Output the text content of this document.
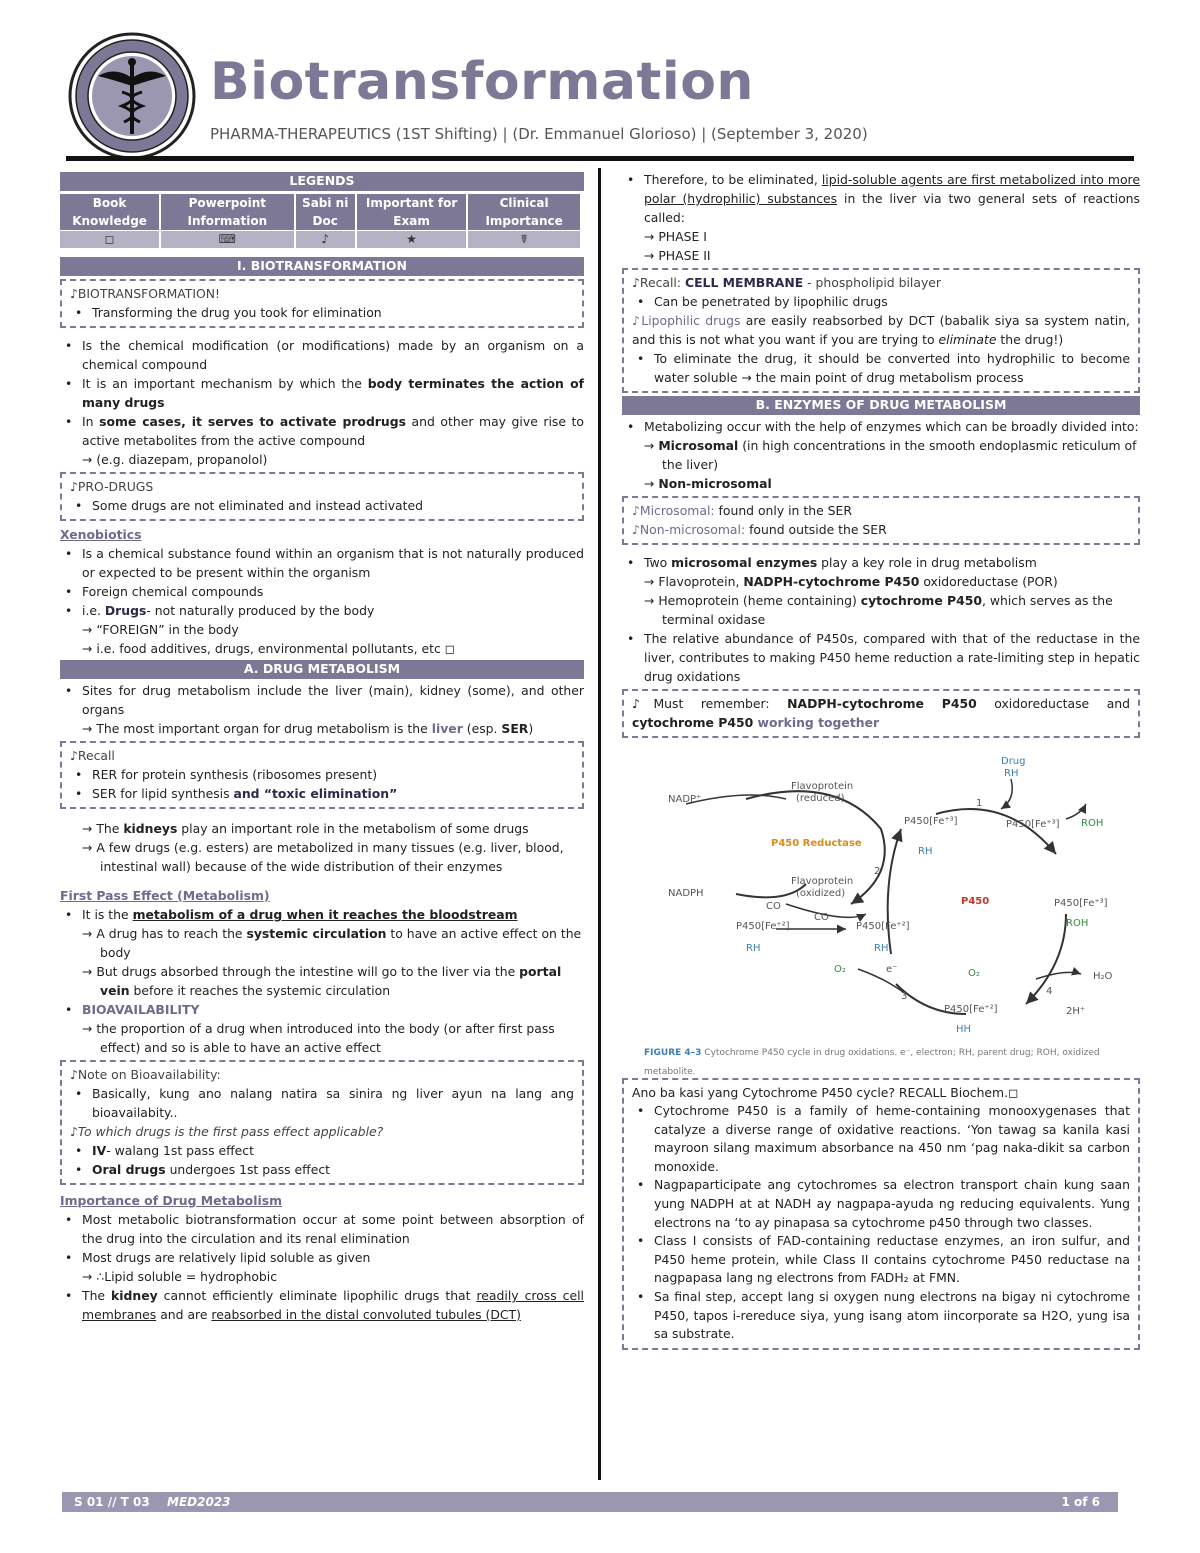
Biotransformation
PHARMA-THERAPEUTICS (1ST Shifting) | (Dr. Emmanuel Glorioso) | (September 3, 2020)
LEGENDS
Book Knowledge	Powerpoint Information	Sabi ni Doc	Important for Exam	Clinical Importance
◻	⌨	♪	★	☤
I. BIOTRANSFORMATION
♪BIOTRANSFORMATION!
• Transforming the drug you took for elimination
• Is the chemical modification (or modifications) made by an organism on a chemical compound
• It is an important mechanism by which the body terminates the action of many drugs
• In some cases, it serves to activate prodrugs and other may give rise to active metabolites from the active compound
→ (e.g. diazepam, propanolol)
♪PRO-DRUGS
• Some drugs are not eliminated and instead activated
Xenobiotics
• Is a chemical substance found within an organism that is not naturally produced or expected to be present within the organism
• Foreign chemical compounds
• i.e. Drugs- not naturally produced by the body
→ “FOREIGN” in the body
→ i.e. food additives, drugs, environmental pollutants, etc ◻
A. DRUG METABOLISM
• Sites for drug metabolism include the liver (main), kidney (some), and other organs
→ The most important organ for drug metabolism is the liver (esp. SER)
♪Recall
• RER for protein synthesis (ribosomes present)
• SER for lipid synthesis and “toxic elimination”
→ The kidneys play an important role in the metabolism of some drugs
→ A few drugs (e.g. esters) are metabolized in many tissues (e.g. liver, blood, intestinal wall) because of the wide distribution of their enzymes
First Pass Effect (Metabolism)
• It is the metabolism of a drug when it reaches the bloodstream
→ A drug has to reach the systemic circulation to have an active effect on the body
→ But drugs absorbed through the intestine will go to the liver via the portal vein before it reaches the systemic circulation
• BIOAVAILABILITY
→ the proportion of a drug when introduced into the body (or after first pass effect) and so is able to have an active effect
♪Note on Bioavailability:
• Basically, kung ano nalang natira sa sinira ng liver ayun na lang ang bioavailabity..
♪To which drugs is the first pass effect applicable?
• IV- walang 1st pass effect
• Oral drugs undergoes 1st pass effect
Importance of Drug Metabolism
• Most metabolic biotransformation occur at some point between absorption of the drug into the circulation and its renal elimination
• Most drugs are relatively lipid soluble as given
→ ∴Lipid soluble = hydrophobic
• The kidney cannot efficiently eliminate lipophilic drugs that readily cross cell membranes and are reabsorbed in the distal convoluted tubules (DCT)
• Therefore, to be eliminated, lipid-soluble agents are first metabolized into more polar (hydrophilic) substances in the liver via two general sets of reactions called:
→ PHASE I
→ PHASE II
♪Recall: CELL MEMBRANE - phospholipid bilayer
• Can be penetrated by lipophilic drugs
♪Lipophilic drugs are easily reabsorbed by DCT (babalik siya sa system natin, and this is not what you want if you are trying to eliminate the drug!)
• To eliminate the drug, it should be converted into hydrophilic to become water soluble → the main point of drug metabolism process
B. ENZYMES OF DRUG METABOLISM
• Metabolizing occur with the help of enzymes which can be broadly divided into:
→ Microsomal (in high concentrations in the smooth endoplasmic reticulum of the liver)
→ Non-microsomal
♪Microsomal: found only in the SER
♪Non-microsomal: found outside the SER
• Two microsomal enzymes play a key role in drug metabolism
→ Flavoprotein, NADPH-cytochrome P450 oxidoreductase (POR)
→ Hemoprotein (heme containing) cytochrome P450, which serves as the terminal oxidase
• The relative abundance of P450s, compared with that of the reductase in the liver, contributes to making P450 heme reduction a rate-limiting step in hepatic drug oxidations
♪Must remember: NADPH-cytochrome P450 oxidoreductase and cytochrome P450 working together
Drug
RH
NADP⁺
NADPH
Flavoprotein
(reduced)
Flavoprotein
(oxidized)
P450 Reductase
P450
P450[Fe⁺³]
RH
P450[Fe⁺³] ROH
P450[Fe⁺³]
ROH
CO
P450[Fe⁺²]
RH
CO
P450[Fe⁺²]
RH
O₂	e⁻	O₂
P450[Fe⁺²]
HH
H₂O
2H⁺
1
2
3	4
FIGURE 4–3 Cytochrome P450 cycle in drug oxidations. e⁻, electron; RH, parent drug; ROH, oxidized metabolite.
Ano ba kasi yang Cytochrome P450 cycle? RECALL Biochem.◻
• Cytochrome P450 is a family of heme-containing monooxygenases that catalyze a diverse range of oxidative reactions. ‘Yon tawag sa kanila kasi mayroon silang maximum absorbance na 450 nm ‘pag naka-dikit sa carbon monoxide.
• Nagpaparticipate ang cytochromes sa electron transport chain kung saan yung NADPH at at NADH ay nagpapa-ayuda ng reducing equivalents. Yung electrons na ‘to ay pinapasa sa cytochrome p450 through two classes.
• Class I consists of FAD-containing reductase enzymes, an iron sulfur, and P450 heme protein, while Class II contains cytochrome P450 reductase na nagpapasa lang ng electrons from FADH₂ at FMN.
• Sa final step, accept lang si oxygen nung electrons na bigay ni cytochrome P450, tapos i-rereduce siya, yung isang atom iincorporate sa H2O, yung isa sa substrate.
S 01 // T 03 MED2023	1 of 6
